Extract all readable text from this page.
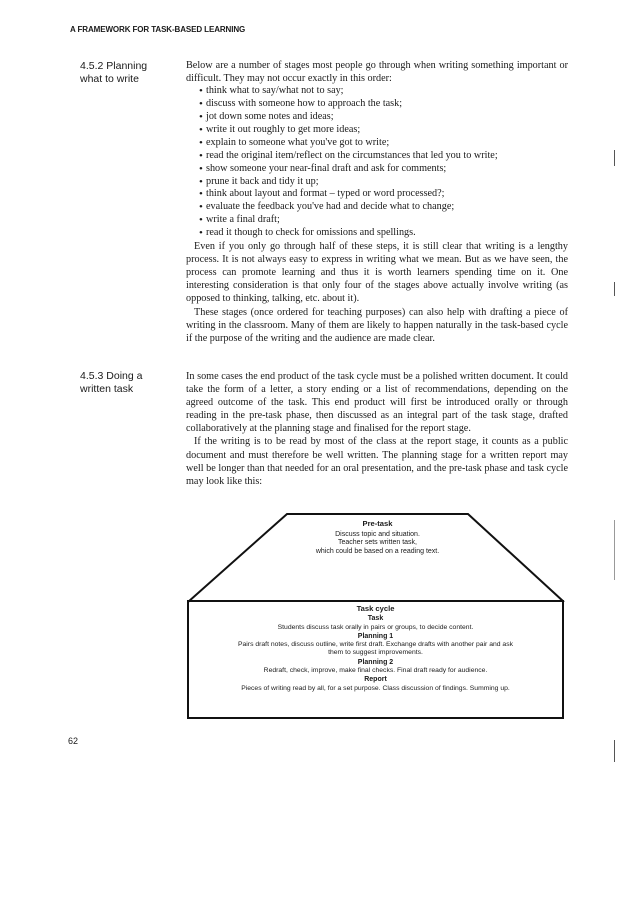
A FRAMEWORK FOR TASK-BASED LEARNING
4.5.2 Planning
what to write

Below are a number of stages most people go through when writing something important or difficult. They may not occur exactly in this order:

• think what to say/what not to say;
• discuss with someone how to approach the task;
• jot down some notes and ideas;
• write it out roughly to get more ideas;
• explain to someone what you've got to write;
• read the original item/reflect on the circumstances that led you to write;
• show someone your near-final draft and ask for comments;
• prune it back and tidy it up;
• think about layout and format – typed or word processed?;
• evaluate the feedback you've had and decide what to change;
• write a final draft;
• read it though to check for omissions and spellings.

Even if you only go through half of these steps, it is still clear that writing is a lengthy process. It is not always easy to express in writing what we mean. But as we have seen, the process can promote learning and thus it is worth learners spending time on it. One interesting consideration is that only four of the stages above actually involve writing (as opposed to thinking, talking, etc. about it).

These stages (once ordered for teaching purposes) can also help with drafting a piece of writing in the classroom. Many of them are likely to happen naturally in the task-based cycle if the purpose of the writing and the audience are made clear.

4.5.3 Doing a
written task

In some cases the end product of the task cycle must be a polished written document. It could take the form of a letter, a story ending or a list of recommendations, depending on the agreed outcome of the task. This end product will first be introduced orally or through reading in the pre-task phase, then discussed as an integral part of the task stage, drafted collaboratively at the planning stage and finalised for the report stage.

If the writing is to be read by most of the class at the report stage, it counts as a public document and must therefore be well written. The planning stage for a written report may well be longer than that needed for an oral presentation, and the pre-task phase and task cycle may look like this:

Pre-task
Discuss topic and situation.
Teacher sets written task,
which could be based on a reading text.
Task cycle
Task
Students discuss task orally in pairs or groups, to decide content.
Planning 1
Pairs draft notes, discuss outline, write first draft. Exchange drafts with another pair and ask
them to suggest improvements.
Planning 2
Redraft, check, improve, make final checks. Final draft ready for audience.
Report
Pieces of writing read by all, for a set purpose. Class discussion of findings. Summing up.
62
